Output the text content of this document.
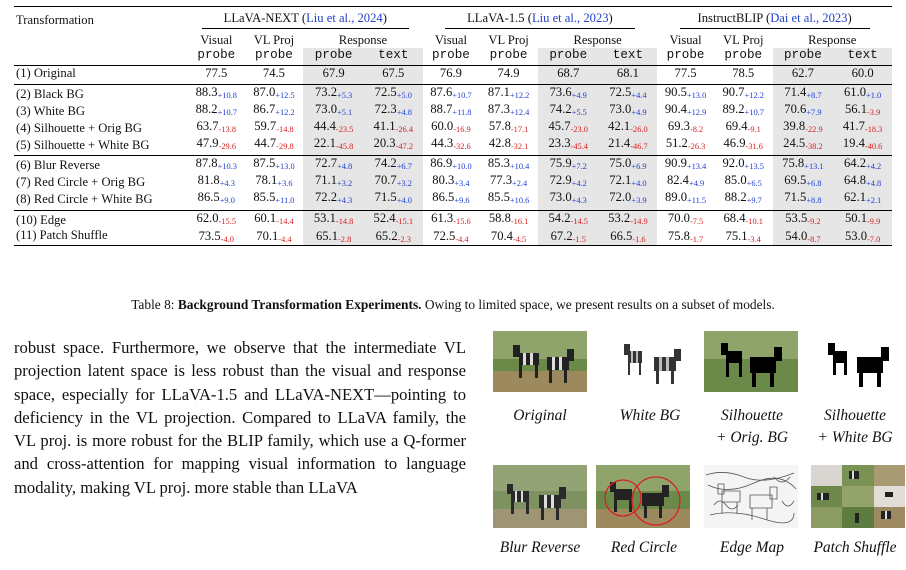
Transformation	LLaVA-NEXT (Liu et al., 2024)				LLaVA-1.5 (Liu et al., 2023)				InstructBLIP (Dai et al., 2023)			
	Visual	VL Proj	Response		Visual	VL Proj	Response		Visual	VL Proj	Response	
	probe	probe	probe	text	probe	probe	probe	text	probe	probe	probe	text
(1) Original	77.5	74.5	67.9	67.5	76.9	74.9	68.7	68.1	77.5	78.5	62.7	60.0
(2) Black BG	88.3+10.8	87.0+12.5	73.2+5.3	72.5+5.0	87.6+10.7	87.1+12.2	73.6+4.9	72.5+4.4	90.5+13.0	90.7+12.2	71.4+8.7	61.0+1.0
(3) White BG	88.2+10.7	86.7+12.2	73.0+5.1	72.3+4.8	88.7+11.8	87.3+12.4	74.2+5.5	73.0+4.9	90.4+12.9	89.2+10.7	70.6+7.9	56.1-3.9
(4) Silhouette + Orig BG	63.7-13.8	59.7-14.8	44.4-23.5	41.1-26.4	60.0-16.9	57.8-17.1	45.7-23.0	42.1-26.0	69.3-8.2	69.4-9.1	39.8-22.9	41.7-18.3
(5) Silhouette + White BG	47.9-29.6	44.7-29.8	22.1-45.8	20.3-47.2	44.3-32.6	42.8-32.1	23.3-45.4	21.4-46.7	51.2-26.3	46.9-31.6	24.5-38.2	19.4-40.6
(6) Blur Reverse	87.8+10.3	87.5+13.0	72.7+4.8	74.2+6.7	86.9+10.0	85.3+10.4	75.9+7.2	75.0+6.9	90.9+13.4	92.0+13.5	75.8+13.1	64.2+4.2
(7) Red Circle + Orig BG	81.8+4.3	78.1+3.6	71.1+3.2	70.7+3.2	80.3+3.4	77.3+2.4	72.9+4.2	72.1+4.0	82.4+4.9	85.0+6.5	69.5+6.8	64.8+4.8
(8) Red Circle + White BG	86.5+9.0	85.5+11.0	72.2+4.3	71.5+4.0	86.5+9.6	85.5+10.6	73.0+4.3	72.0+3.9	89.0+11.5	88.2+9.7	71.5+8.8	62.1+2.1
(10) Edge	62.0-15.5	60.1-14.4	53.1-14.8	52.4-15.1	61.3-15.6	58.8-16.1	54.2-14.5	53.2-14.9	70.0-7.5	68.4-10.1	53.5-9.2	50.1-9.9
(11) Patch Shuffle	73.5-4.0	70.1-4.4	65.1-2.8	65.2-2.3	72.5-4.4	70.4-4.5	67.2-1.5	66.5-1.6	75.8-1.7	75.1-3.4	54.0-8.7	53.0-7.0
Table 8: Background Transformation Experiments. Owing to limited space, we present results on a subset of models.

robust space. Furthermore, we observe that the intermediate VL projection latent space is less robust than the visual and response space, especially for LLaVA-1.5 and LLaVA-NEXT—pointing to deficiency in the VL projection. Compared to LLaVA family, the VL proj. is more robust for the BLIP family, which use a Q-former and cross-attention for mapping visual information to language modality, making VL proj. more stable than LLaVA

Original	White BG	Silhouette
+ Orig. BG
Silhouette
+ White BG
Blur Reverse	Red Circle	Edge Map	Patch Shuffle
